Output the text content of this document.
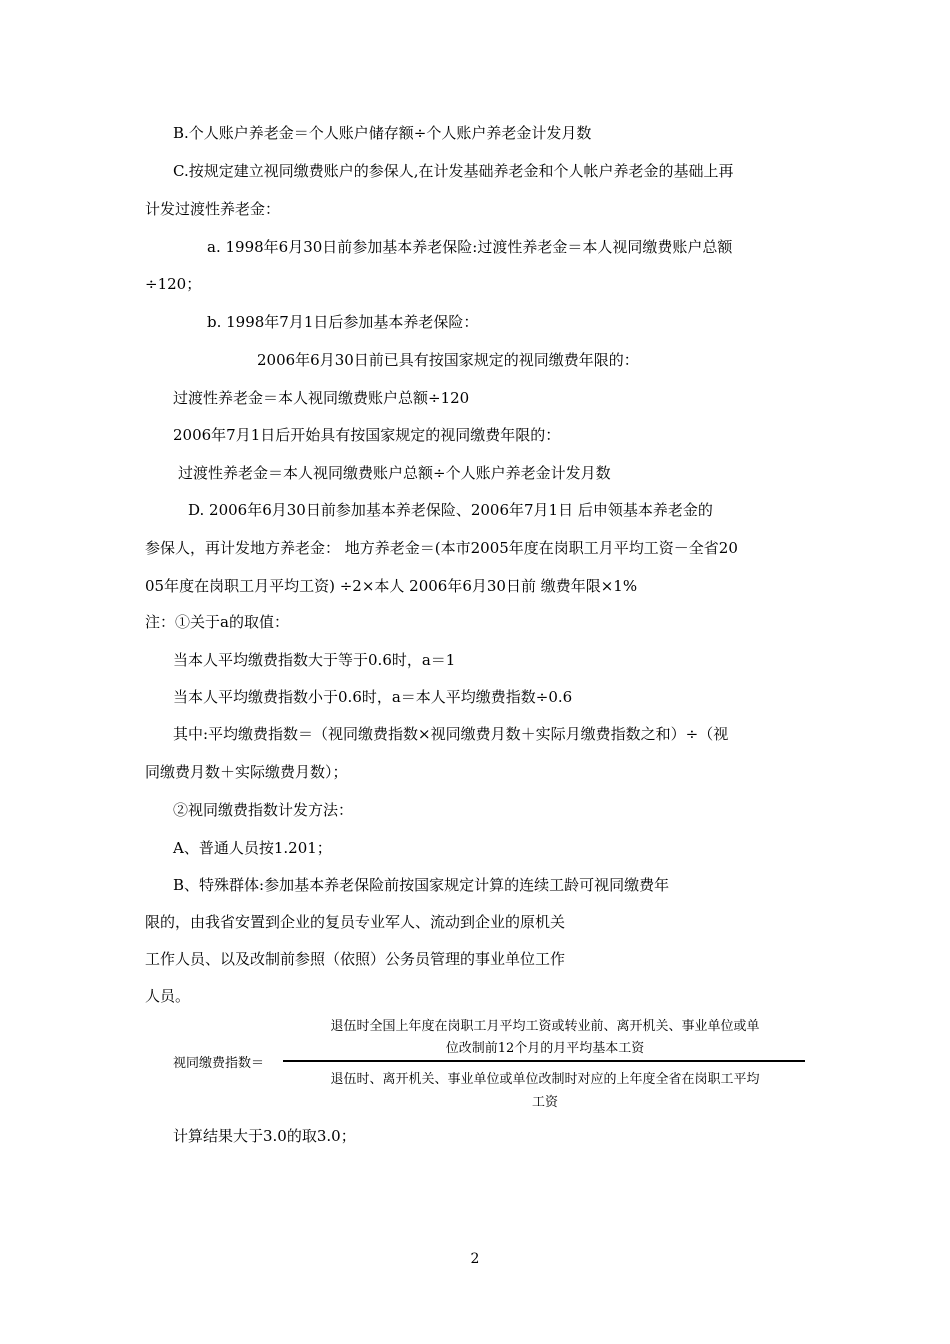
B.个人账户养老金＝个人账户储存额÷个人账户养老金计发月数
C.按规定建立视同缴费账户的参保人,在计发基础养老金和个人帐户养老金的基础上再
计发过渡性养老金：
a. 1998年6月30日前参加基本养老保险:过渡性养老金＝本人视同缴费账户总额
÷120；
b. 1998年7月1日后参加基本养老保险：
2006年6月30日前已具有按国家规定的视同缴费年限的：
过渡性养老金＝本人视同缴费账户总额÷120
2006年7月1日后开始具有按国家规定的视同缴费年限的：
过渡性养老金＝本人视同缴费账户总额÷个人账户养老金计发月数
D. 2006年6月30日前参加基本养老保险、2006年7月1日 后申领基本养老金的
参保人，再计发地方养老金： 地方养老金＝(本市2005年度在岗职工月平均工资－全省20
05年度在岗职工月平均工资) ÷2×本人 2006年6月30日前 缴费年限×1%
注：①关于a的取值：
当本人平均缴费指数大于等于0.6时，a＝1
当本人平均缴费指数小于0.6时，a＝本人平均缴费指数÷0.6
其中:平均缴费指数＝（视同缴费指数×视同缴费月数＋实际月缴费指数之和）÷（视
同缴费月数＋实际缴费月数）；
②视同缴费指数计发方法：
A、普通人员按1.201；
B、特殊群体:参加基本养老保险前按国家规定计算的连续工龄可视同缴费年
限的，由我省安置到企业的复员专业军人、流动到企业的原机关
工作人员、以及改制前参照（依照）公务员管理的事业单位工作
人员。
视同缴费指数＝
退伍时全国上年度在岗职工月平均工资或转业前、离开机关、事业单位或单
位改制前12个月的月平均基本工资
退伍时、离开机关、事业单位或单位改制时对应的上年度全省在岗职工平均
工资
计算结果大于3.0的取3.0；
2
